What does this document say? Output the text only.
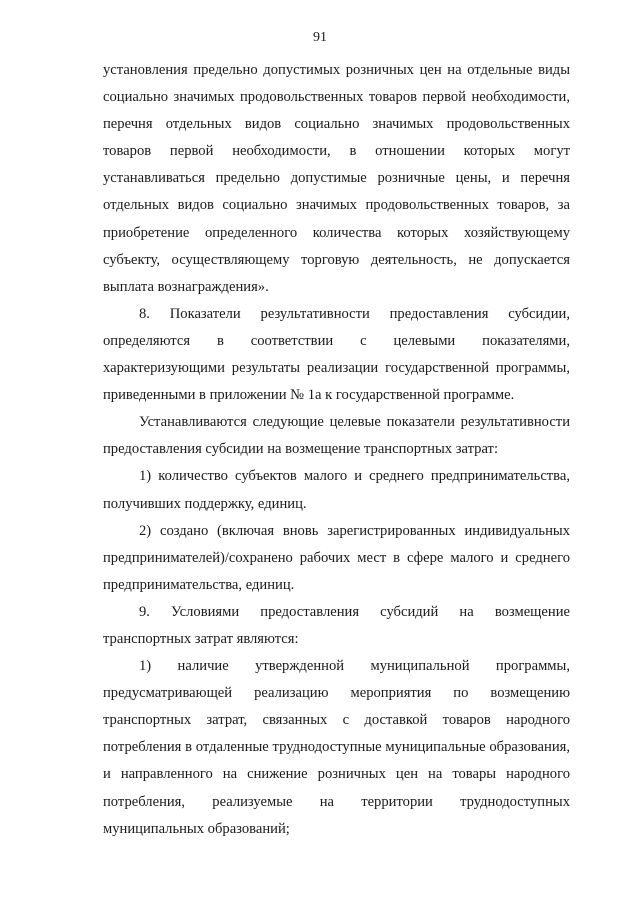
91

установления предельно допустимых розничных цен на отдельные виды социально значимых продовольственных товаров первой необходимости, перечня отдельных видов социально значимых продовольственных товаров первой необходимости, в отношении которых могут устанавливаться предельно допустимые розничные цены, и перечня отдельных видов социально значимых продовольственных товаров, за приобретение определенного количества которых хозяйствующему субъекту, осуществляющему торговую деятельность, не допускается выплата вознаграждения».

8. Показатели результативности предоставления субсидии, определяются в соответствии с целевыми показателями, характеризующими результаты реализации государственной программы, приведенными в приложении № 1а к государственной программе.

Устанавливаются следующие целевые показатели результативности предоставления субсидии на возмещение транспортных затрат:

1) количество субъектов малого и среднего предпринимательства, получивших поддержку, единиц.

2) создано (включая вновь зарегистрированных индивидуальных предпринимателей)/сохранено рабочих мест в сфере малого и среднего предпринимательства, единиц.

9. Условиями предоставления субсидий на возмещение транспортных затрат являются:

1) наличие утвержденной муниципальной программы, предусматривающей реализацию мероприятия по возмещению транспортных затрат, связанных с доставкой товаров народного потребления в отдаленные труднодоступные муниципальные образования, и направленного на снижение розничных цен на товары народного потребления, реализуемые на территории труднодоступных муниципальных образований;
